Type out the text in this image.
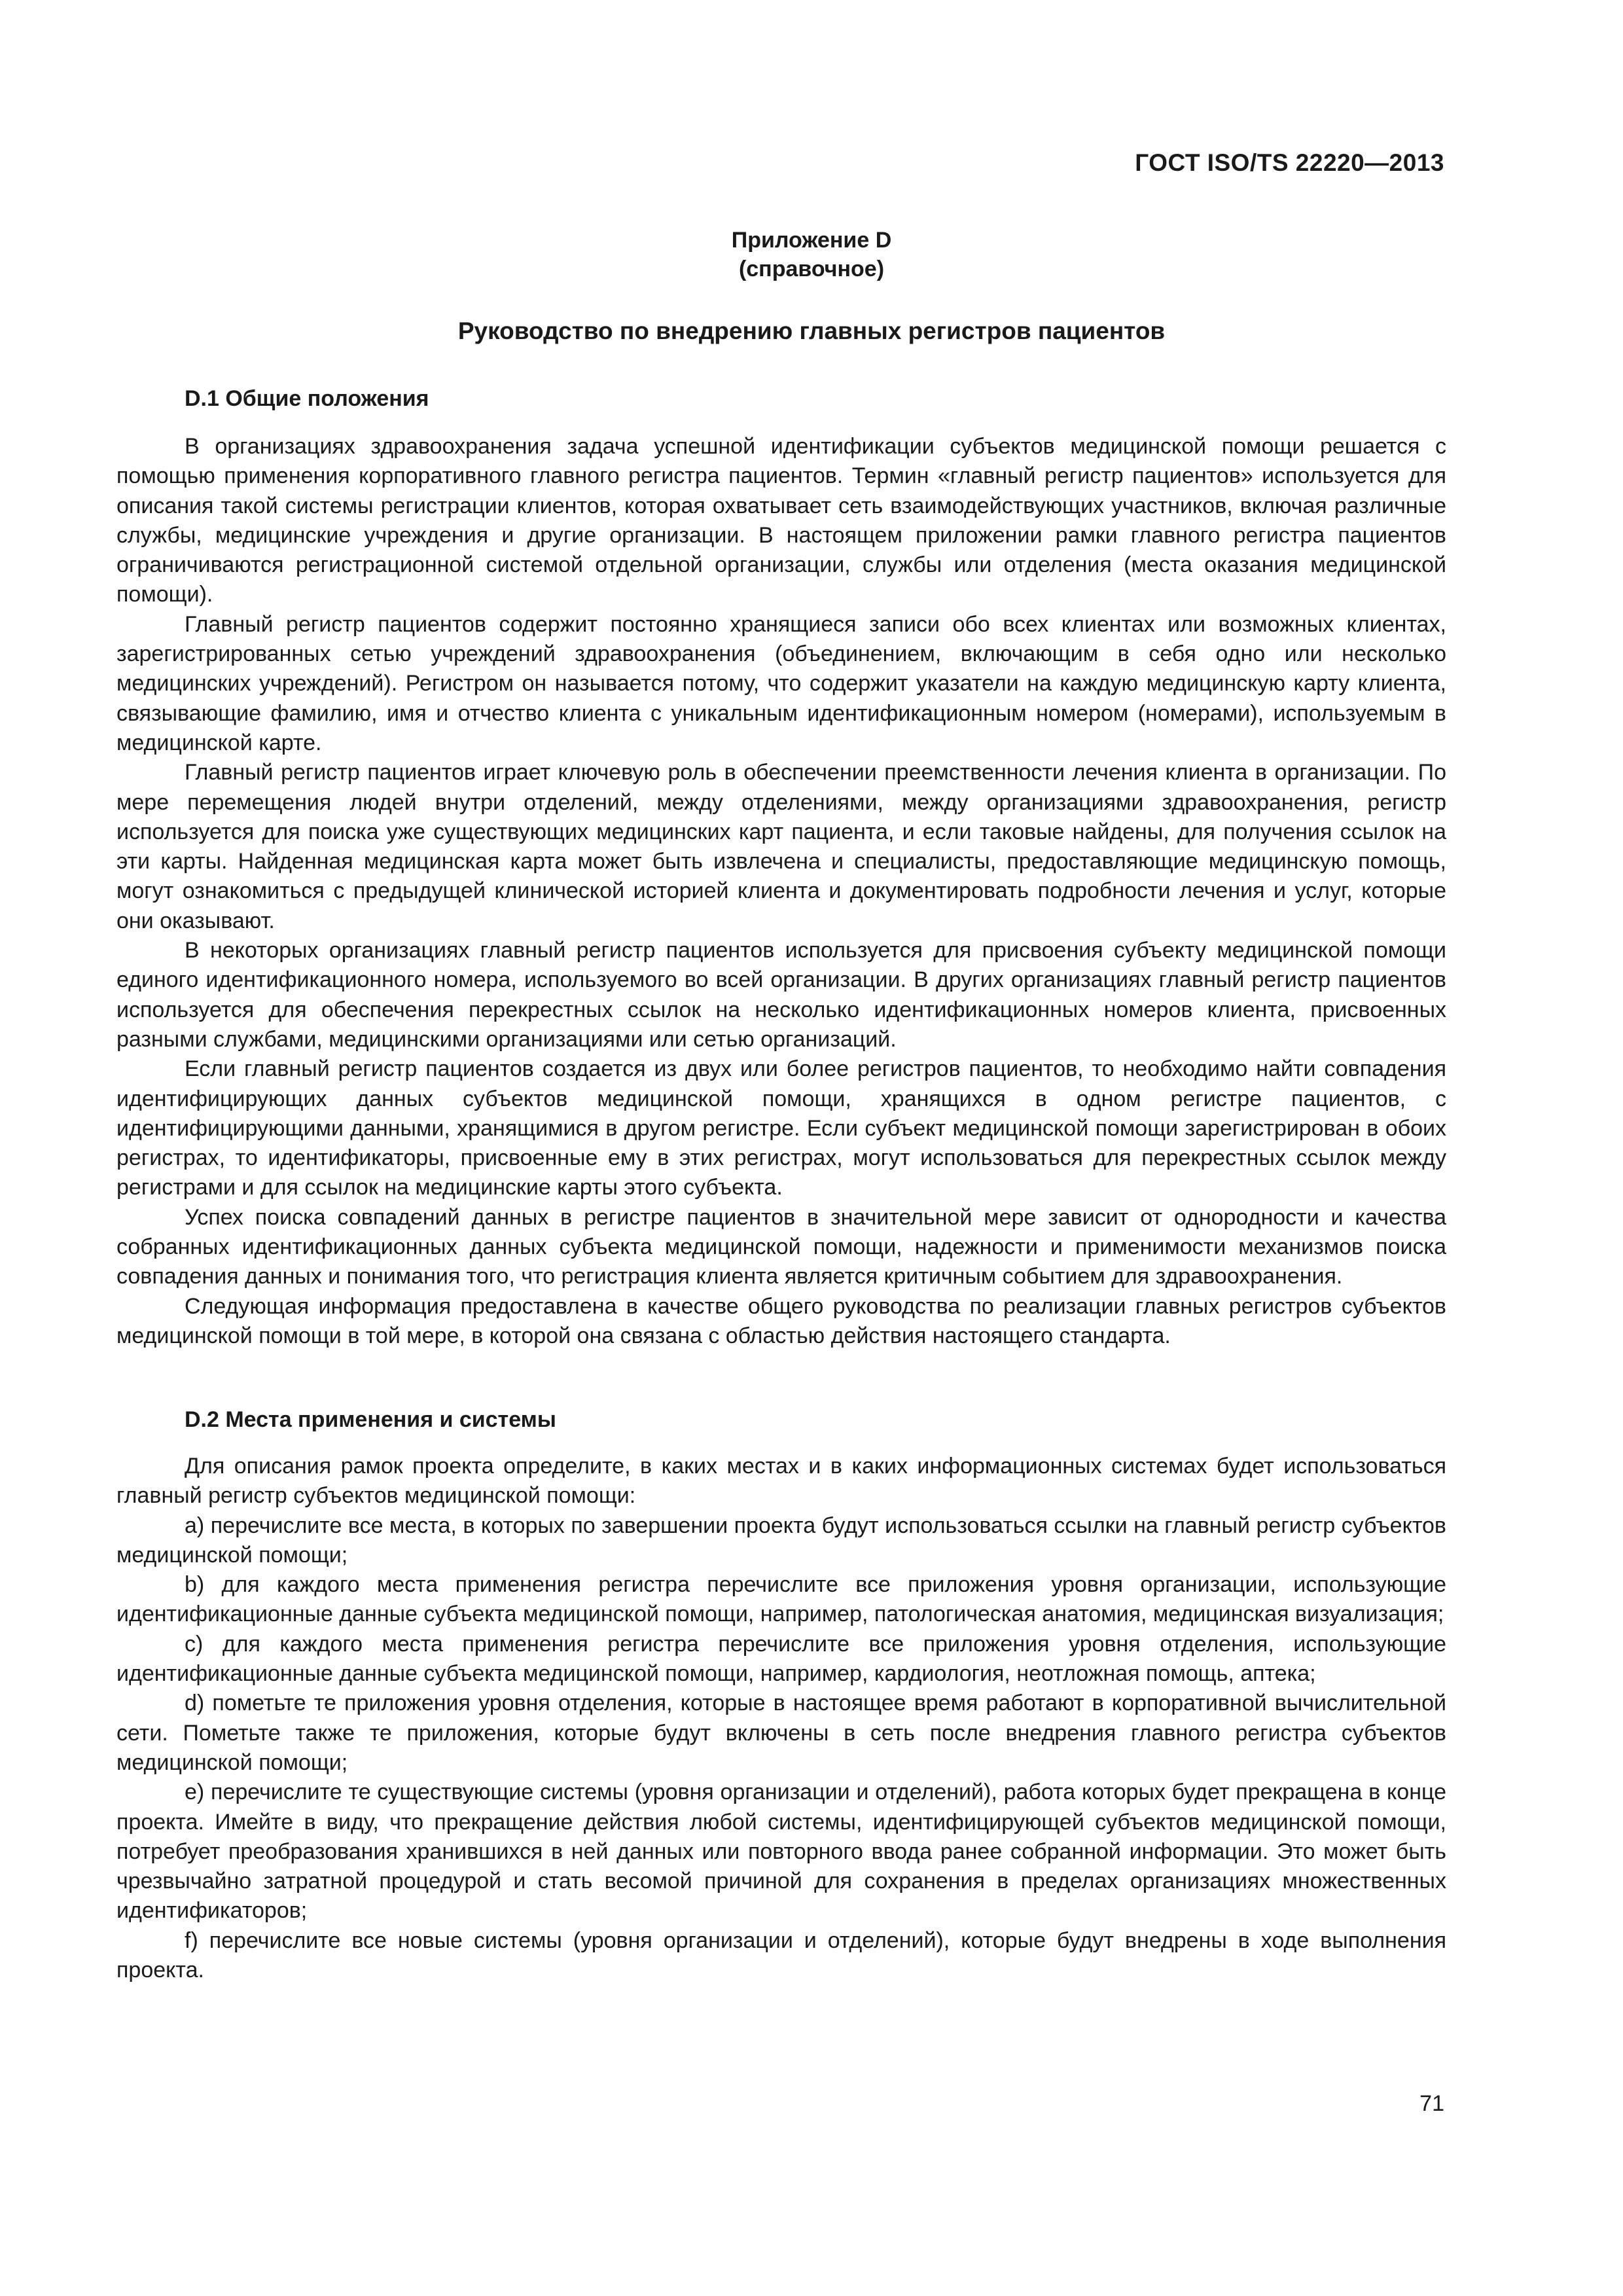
ГОСТ ISO/TS 22220—2013
Приложение D
(справочное)
Руководство по внедрению главных регистров пациентов
D.1 Общие положения

В организациях здравоохранения задача успешной идентификации субъектов медицинской помощи решается с помощью применения корпоративного главного регистра пациентов. Термин «главный регистр пациентов» используется для описания такой системы регистрации клиентов, которая охватывает сеть взаимодействующих участников, включая различные службы, медицинские учреждения и другие организации. В настоящем приложении рамки главного регистра пациентов ограничиваются регистрационной системой отдельной организации, службы или отделения (места оказания медицинской помощи).

Главный регистр пациентов содержит постоянно хранящиеся записи обо всех клиентах или возможных клиентах, зарегистрированных сетью учреждений здравоохранения (объединением, включающим в себя одно или несколько медицинских учреждений). Регистром он называется потому, что содержит указатели на каждую медицинскую карту клиента, связывающие фамилию, имя и отчество клиента с уникальным идентификационным номером (номерами), используемым в медицинской карте.

Главный регистр пациентов играет ключевую роль в обеспечении преемственности лечения клиента в организации. По мере перемещения людей внутри отделений, между отделениями, между организациями здравоохранения, регистр используется для поиска уже существующих медицинских карт пациента, и если таковые найдены, для получения ссылок на эти карты. Найденная медицинская карта может быть извлечена и специалисты, предоставляющие медицинскую помощь, могут ознакомиться с предыдущей клинической историей клиента и документировать подробности лечения и услуг, которые они оказывают.

В некоторых организациях главный регистр пациентов используется для присвоения субъекту медицинской помощи единого идентификационного номера, используемого во всей организации. В других организациях главный регистр пациентов используется для обеспечения перекрестных ссылок на несколько идентификационных номеров клиента, присвоенных разными службами, медицинскими организациями или сетью организаций.

Если главный регистр пациентов создается из двух или более регистров пациентов, то необходимо найти совпадения идентифицирующих данных субъектов медицинской помощи, хранящихся в одном регистре пациентов, с идентифицирующими данными, хранящимися в другом регистре. Если субъект медицинской помощи зарегистрирован в обоих регистрах, то идентификаторы, присвоенные ему в этих регистрах, могут использоваться для перекрестных ссылок между регистрами и для ссылок на медицинские карты этого субъекта.

Успех поиска совпадений данных в регистре пациентов в значительной мере зависит от однородности и качества собранных идентификационных данных субъекта медицинской помощи, надежности и применимости механизмов поиска совпадения данных и понимания того, что регистрация клиента является критичным событием для здравоохранения.

Следующая информация предоставлена в качестве общего руководства по реализации главных регистров субъектов медицинской помощи в той мере, в которой она связана с областью действия настоящего стандарта.

D.2 Места применения и системы

Для описания рамок проекта определите, в каких местах и в каких информационных системах будет использоваться главный регистр субъектов медицинской помощи:

a) перечислите все места, в которых по завершении проекта будут использоваться ссылки на главный регистр субъектов медицинской помощи;

b) для каждого места применения регистра перечислите все приложения уровня организации, использующие идентификационные данные субъекта медицинской помощи, например, патологическая анатомия, медицинская визуализация;

c) для каждого места применения регистра перечислите все приложения уровня отделения, использующие идентификационные данные субъекта медицинской помощи, например, кардиология, неотложная помощь, аптека;

d) пометьте те приложения уровня отделения, которые в настоящее время работают в корпоративной вычислительной сети. Пометьте также те приложения, которые будут включены в сеть после внедрения главного регистра субъектов медицинской помощи;

e) перечислите те существующие системы (уровня организации и отделений), работа которых будет прекращена в конце проекта. Имейте в виду, что прекращение действия любой системы, идентифицирующей субъектов медицинской помощи, потребует преобразования хранившихся в ней данных или повторного ввода ранее собранной информации. Это может быть чрезвычайно затратной процедурой и стать весомой причиной для сохранения в пределах организациях множественных идентификаторов;

f) перечислите все новые системы (уровня организации и отделений), которые будут внедрены в ходе выполнения проекта.

71
